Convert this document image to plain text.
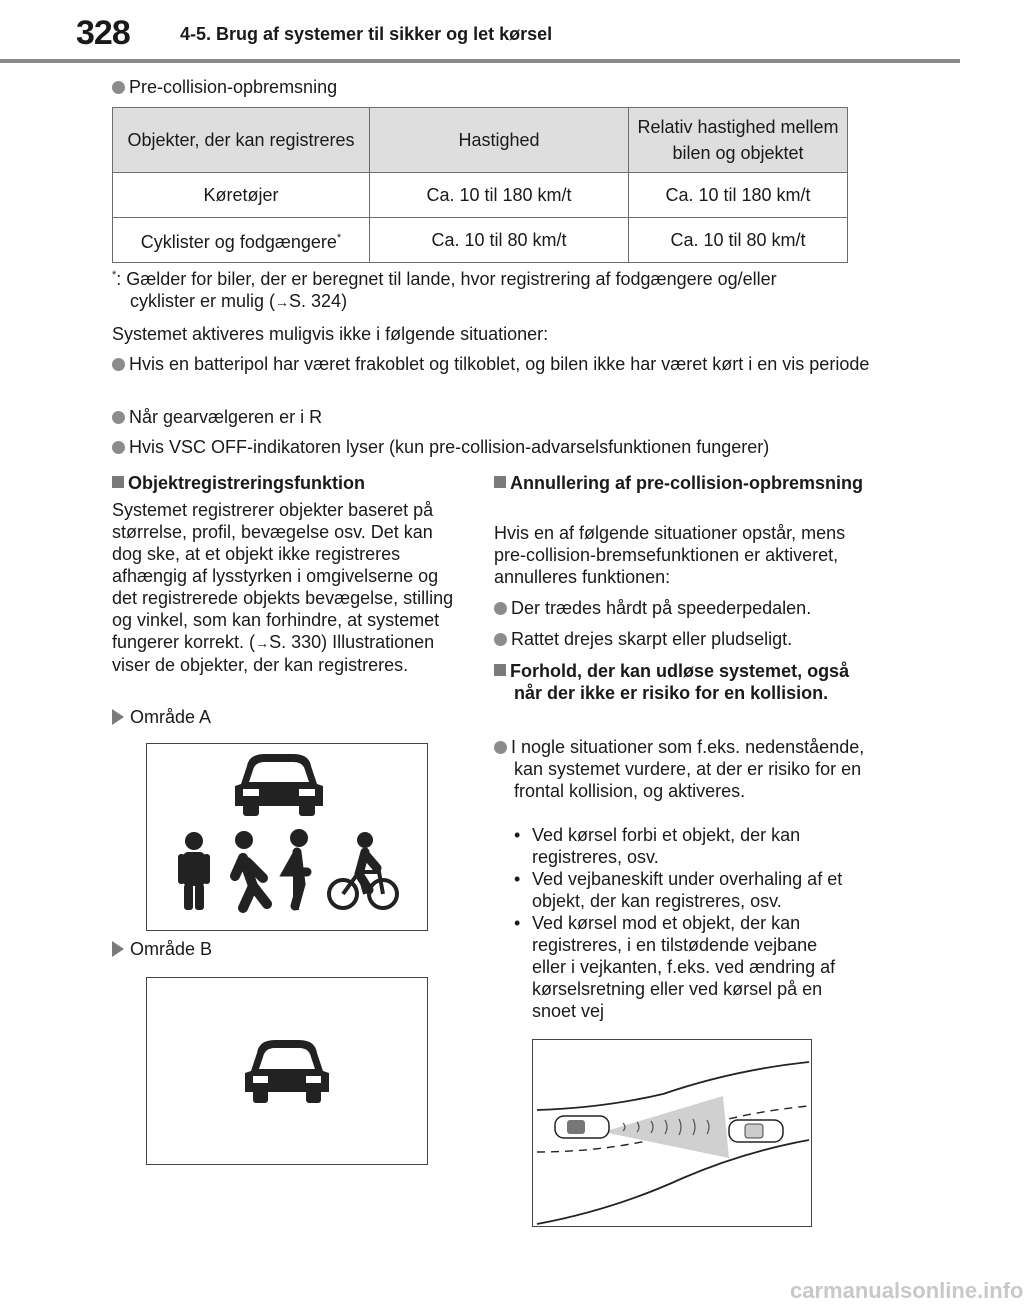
328	4-5. Brug af systemer til sikker og let kørsel
Pre-collision-opbremsning
Objekter, der kan registreres	Hastighed	Relativ hastighed mellem bilen og objektet
Køretøjer	Ca. 10 til 180 km/t	Ca. 10 til 180 km/t
Cyklister og fodgængere*	Ca. 10 til 80 km/t	Ca. 10 til 80 km/t
*: Gælder for biler, der er beregnet til lande, hvor registrering af fodgængere og/eller
cyklister er mulig (→S. 324)
Systemet aktiveres muligvis ikke i følgende situationer:
Hvis en batteripol har været frakoblet og tilkoblet, og bilen ikke har været kørt i en vis periode
Når gearvælgeren er i R
Hvis VSC OFF-indikatoren lyser (kun pre-collision-advarselsfunktionen fungerer)
Objektregistreringsfunktion
Systemet registrerer objekter baseret på størrelse, profil, bevægelse osv. Det kan dog ske, at et objekt ikke registreres afhængig af lysstyrken i omgivelserne og det registrerede objekts bevægelse, stilling og vinkel, som kan forhindre, at systemet fungerer korrekt. (→S. 330) Illustrationen viser de objekter, der kan registreres.
Område A
Område B
Annullering af pre-collision-opbremsning
Hvis en af følgende situationer opstår, mens pre-collision-bremsefunktionen er aktiveret, annulleres funktionen:
Der trædes hårdt på speederpedalen.
Rattet drejes skarpt eller pludseligt.
Forhold, der kan udløse systemet, også når der ikke er risiko for en kollision.
I nogle situationer som f.eks. nedenstående, kan systemet vurdere, at der er risiko for en frontal kollision, og aktiveres.
• Ved kørsel forbi et objekt, der kan registreres, osv.
• Ved vejbaneskift under overhaling af et objekt, der kan registreres, osv.
• Ved kørsel mod et objekt, der kan registreres, i en tilstødende vejbane eller i vejkanten, f.eks. ved ændring af kørselsretning eller ved kørsel på en snoet vej
carmanualsonline.info
